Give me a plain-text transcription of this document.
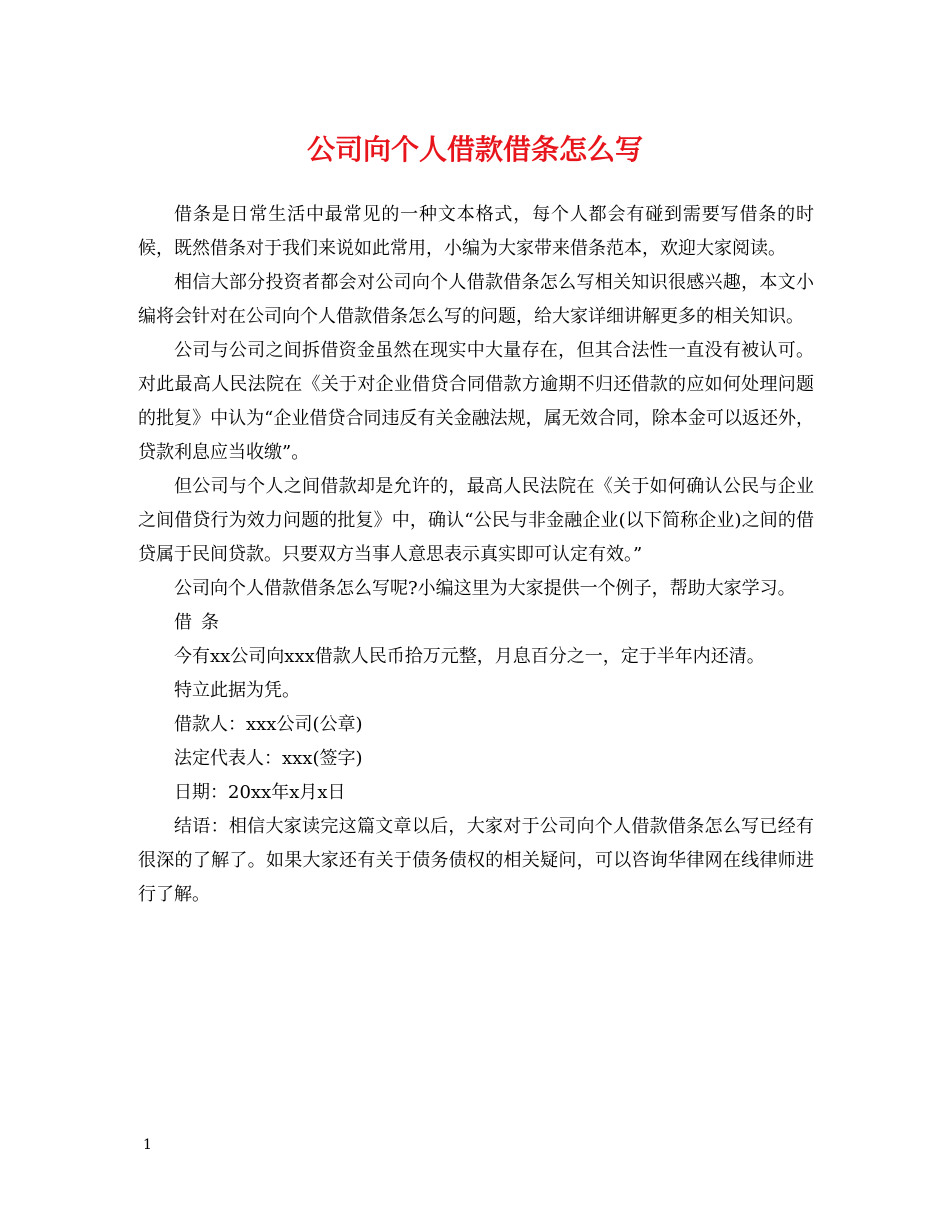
公司向个人借款借条怎么写

借条是日常生活中最常见的一种文本格式，每个人都会有碰到需要写借条的时候，既然借条对于我们来说如此常用，小编为大家带来借条范本，欢迎大家阅读。

相信大部分投资者都会对公司向个人借款借条怎么写相关知识很感兴趣，本文小编将会针对在公司向个人借款借条怎么写的问题，给大家详细讲解更多的相关知识。

公司与公司之间拆借资金虽然在现实中大量存在，但其合法性一直没有被认可。对此最高人民法院在《关于对企业借贷合同借款方逾期不归还借款的应如何处理问题的批复》中认为“企业借贷合同违反有关金融法规，属无效合同，除本金可以返还外，贷款利息应当收缴”。

但公司与个人之间借款却是允许的，最高人民法院在《关于如何确认公民与企业之间借贷行为效力问题的批复》中，确认“公民与非金融企业(以下简称企业)之间的借贷属于民间贷款。只要双方当事人意思表示真实即可认定有效。”

公司向个人借款借条怎么写呢?小编这里为大家提供一个例子，帮助大家学习。

借条

今有xx公司向xxx借款人民币拾万元整，月息百分之一，定于半年内还清。

特立此据为凭。

借款人：xxx公司(公章)

法定代表人：xxx(签字)

日期：20xx年x月x日

结语：相信大家读完这篇文章以后，大家对于公司向个人借款借条怎么写已经有很深的了解了。如果大家还有关于债务债权的相关疑问，可以咨询华律网在线律师进行了解。

1
